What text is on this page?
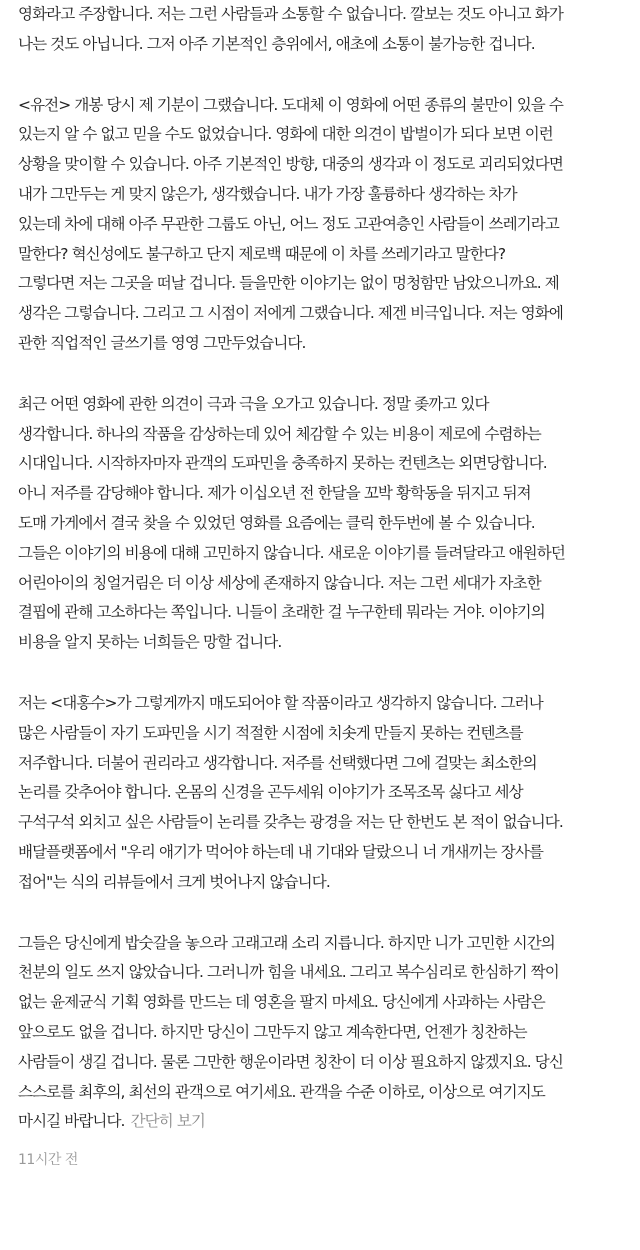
영화라고 주장합니다. 저는 그런 사람들과 소통할 수 없습니다. 깔보는 것도 아니고 화가
나는 것도 아닙니다. 그저 아주 기본적인 층위에서, 애초에 소통이 불가능한 겁니다.

<유전> 개봉 당시 제 기분이 그랬습니다. 도대체 이 영화에 어떤 종류의 불만이 있을 수
있는지 알 수 없고 믿을 수도 없었습니다. 영화에 대한 의견이 밥벌이가 되다 보면 이런
상황을 맞이할 수 있습니다. 아주 기본적인 방향, 대중의 생각과 이 정도로 괴리되었다면
내가 그만두는 게 맞지 않은가, 생각했습니다. 내가 가장 훌륭하다 생각하는 차가
있는데 차에 대해 아주 무관한 그룹도 아닌, 어느 정도 고관여층인 사람들이 쓰레기라고
말한다? 혁신성에도 불구하고 단지 제로백 때문에 이 차를 쓰레기라고 말한다?
그렇다면 저는 그곳을 떠날 겁니다. 들을만한 이야기는 없이 멍청함만 남았으니까요. 제
생각은 그렇습니다. 그리고 그 시점이 저에게 그랬습니다. 제겐 비극입니다. 저는 영화에
관한 직업적인 글쓰기를 영영 그만두었습니다.

최근 어떤 영화에 관한 의견이 극과 극을 오가고 있습니다. 정말 좆까고 있다
생각합니다. 하나의 작품을 감상하는데 있어 체감할 수 있는 비용이 제로에 수렴하는
시대입니다. 시작하자마자 관객의 도파민을 충족하지 못하는 컨텐츠는 외면당합니다.
아니 저주를 감당해야 합니다. 제가 이십오년 전 한달을 꼬박 황학동을 뒤지고 뒤져
도매 가게에서 결국 찾을 수 있었던 영화를 요즘에는 클릭 한두번에 볼 수 있습니다.
그들은 이야기의 비용에 대해 고민하지 않습니다. 새로운 이야기를 들려달라고 애원하던
어린아이의 칭얼거림은 더 이상 세상에 존재하지 않습니다. 저는 그런 세대가 자초한
결핍에 관해 고소하다는 쪽입니다. 니들이 초래한 걸 누구한테 뭐라는 거야. 이야기의
비용을 알지 못하는 너희들은 망할 겁니다.

저는 <대홍수>가 그렇게까지 매도되어야 할 작품이라고 생각하지 않습니다. 그러나
많은 사람들이 자기 도파민을 시기 적절한 시점에 치솟게 만들지 못하는 컨텐츠를
저주합니다. 더불어 권리라고 생각합니다. 저주를 선택했다면 그에 걸맞는 최소한의
논리를 갖추어야 합니다. 온몸의 신경을 곤두세워 이야기가 조목조목 싫다고 세상
구석구석 외치고 싶은 사람들이 논리를 갖추는 광경을 저는 단 한번도 본 적이 없습니다.
배달플랫폼에서 "우리 애기가 먹어야 하는데 내 기대와 달랐으니 너 개새끼는 장사를
접어"는 식의 리뷰들에서 크게 벗어나지 않습니다.

그들은 당신에게 밥숫갈을 놓으라 고래고래 소리 지릅니다. 하지만 니가 고민한 시간의
천분의 일도 쓰지 않았습니다. 그러니까 힘을 내세요. 그리고 복수심리로 한심하기 짝이
없는 윤제균식 기획 영화를 만드는 데 영혼을 팔지 마세요. 당신에게 사과하는 사람은
앞으로도 없을 겁니다. 하지만 당신이 그만두지 않고 계속한다면, 언젠가 칭찬하는
사람들이 생길 겁니다. 물론 그만한 행운이라면 칭찬이 더 이상 필요하지 않겠지요. 당신
스스로를 최후의, 최선의 관객으로 여기세요. 관객을 수준 이하로, 이상으로 여기지도
마시길 바랍니다. 간단히 보기

11시간 전
